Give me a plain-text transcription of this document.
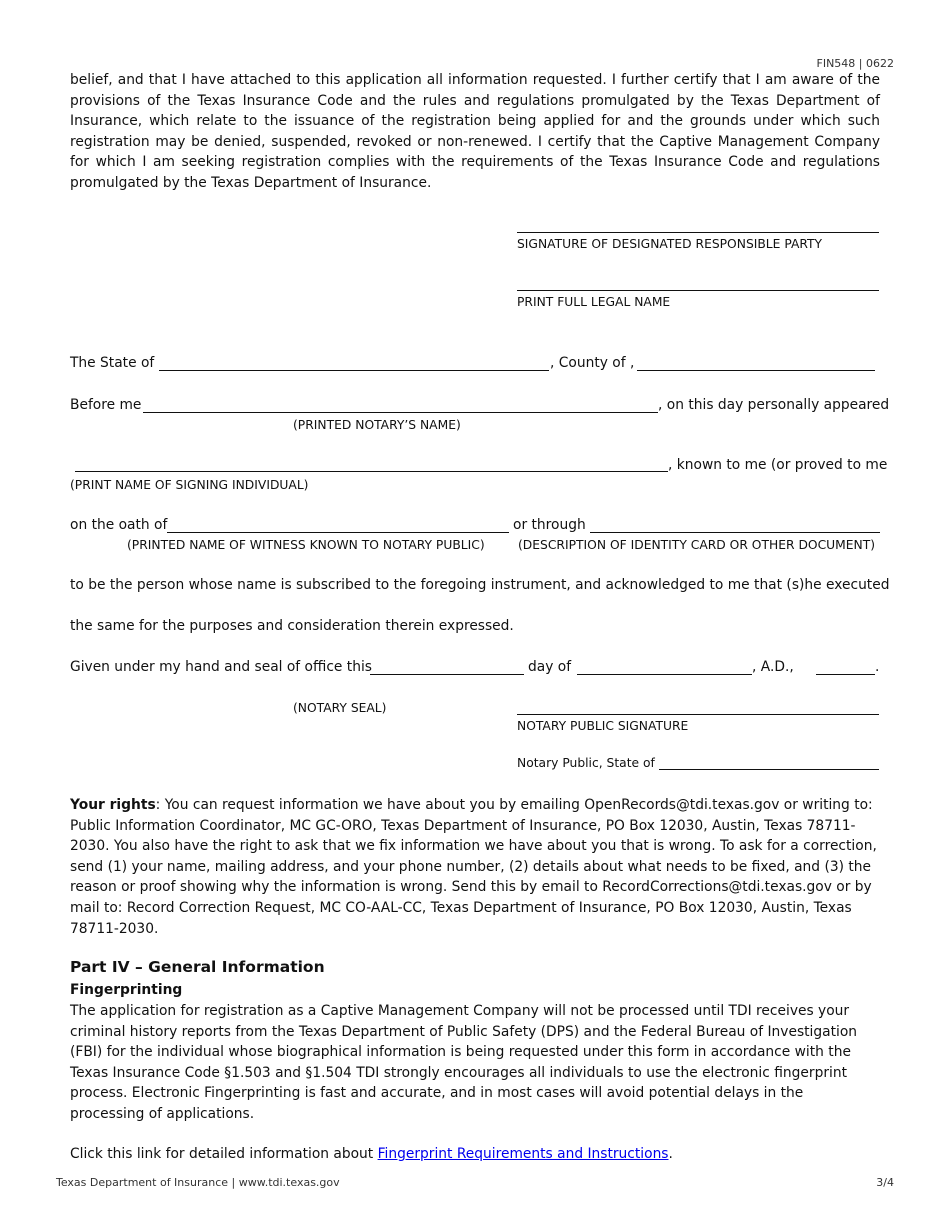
FIN548 | 0622

belief, and that I have attached to this application all information requested. I further certify that I am aware of the provisions of the Texas Insurance Code and the rules and regulations promulgated by the Texas Department of Insurance, which relate to the issuance of the registration being applied for and the grounds under which such registration may be denied, suspended, revoked or non-renewed. I certify that the Captive Management Company for which I am seeking registration complies with the requirements of the Texas Insurance Code and regulations promulgated by the Texas Department of Insurance.

SIGNATURE OF DESIGNATED RESPONSIBLE PARTY
PRINT FULL LEGAL NAME
The State of	, County of ,
Before me	, on this day personally appeared
(PRINTED NOTARY’S NAME)
, known to me (or proved to me
(PRINT NAME OF SIGNING INDIVIDUAL)
on the oath of	or through
(PRINTED NAME OF WITNESS KNOWN TO NOTARY PUBLIC)	(DESCRIPTION OF IDENTITY CARD OR OTHER DOCUMENT)
to be the person whose name is subscribed to the foregoing instrument, and acknowledged to me that (s)he executed
the same for the purposes and consideration therein expressed.
Given under my hand and seal of office this	day of	, A.D.,	.
(NOTARY SEAL)
NOTARY PUBLIC SIGNATURE
Notary Public, State of

Your rights: You can request information we have about you by emailing OpenRecords@tdi.texas.gov or writing to: Public Information Coordinator, MC GC-ORO, Texas Department of Insurance, PO Box 12030, Austin, Texas 78711-2030. You also have the right to ask that we fix information we have about you that is wrong. To ask for a correction, send (1) your name, mailing address, and your phone number, (2) details about what needs to be fixed, and (3) the reason or proof showing why the information is wrong. Send this by email to RecordCorrections@tdi.texas.gov or by mail to: Record Correction Request, MC CO-AAL-CC, Texas Department of Insurance, PO Box 12030, Austin, Texas 78711-2030.

Part IV – General Information
Fingerprinting

The application for registration as a Captive Management Company will not be processed until TDI receives your criminal history reports from the Texas Department of Public Safety (DPS) and the Federal Bureau of Investigation (FBI) for the individual whose biographical information is being requested under this form in accordance with the Texas Insurance Code §1.503 and §1.504 TDI strongly encourages all individuals to use the electronic fingerprint process. Electronic Fingerprinting is fast and accurate, and in most cases will avoid potential delays in the processing of applications.

Click this link for detailed information about Fingerprint Requirements and Instructions.
Texas Department of Insurance | www.tdi.texas.gov	3/4
